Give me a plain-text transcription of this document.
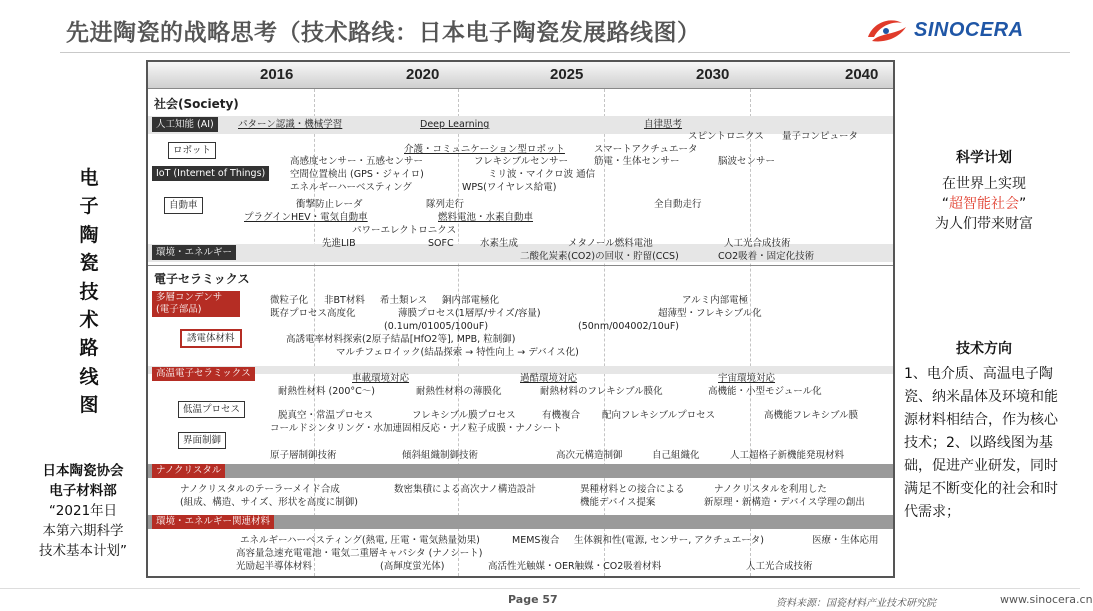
先进陶瓷的战略思考（技术路线：日本电子陶瓷发展路线图）	SINOCERA
电
子
陶
瓷
技
术
路
线
图
日本陶瓷协会
电子材料部
“2021年日
本第六期科学
技术基本计划”
科学计划
在世界上实现
“超智能社会”
为人们带来财富
技术方向
1、电介质、高温电子陶瓷、纳米晶体及环境和能源材料相结合，作为核心技术；2、以路线图为基础，促进产业研发，同时满足不断变化的社会和时代需求；
2016	2020	2025	2030	2040
社会(Society)
人工知能 (AI)	パターン認識・機械学習	Deep Learning	自律思考
スピントロニクス 量子コンピュータ
ロボット	介護・コミュニケーション型ロボット	スマートアクチュエータ
IoT (Internet of Things)
高感度センサー・五感センサー	フレキシブルセンサー	筋電・生体センサー	脳波センサー
空間位置検出 (GPS・ジャイロ)	ミリ波・マイクロ波 通信
エネルギーハーベスティング	WPS(ワイヤレス給電)
自動車	衝撃防止レーダ	隊列走行	全自動走行
プラグインHEV・電気自動車	燃料電池・水素自動車
パワーエレクトロニクス
環境・エネルギー
先進LIB	SOFC	水素生成	メタノール燃料電池	人工光合成技術
二酸化炭素(CO2)の回収・貯留(CCS)	CO2吸着・固定化技術
電子セラミックス
多層コンデンサ (電子部品)
微粒子化 非BT材料 希土類レス 銅内部電極化	アルミ内部電極
既存プロセス高度化	薄膜プロセス(1層厚/サイズ/容量)	超薄型・フレキシブル化
(0.1um/01005/100uF)	(50nm/004002/10uF)
誘電体材料	高誘電率材料探索(2原子結晶[HfO2等], MPB, 粒制御)
マルチフェロイック(結晶探索 → 特性向上 → デバイス化)
高温電子セラミックス	車載環境対応	過酷環境対応	宇宙環境対応
耐熱性材料 (200°C〜)	耐熱性材料の薄膜化	耐熱材料のフレキシブル膜化	高機能・小型モジュール化
低温プロセス
脱真空・常温プロセス	フレキシブル膜プロセス	有機複合 配向フレキシブルプロセス	高機能フレキシブル膜
コールドシンタリング・水加連固相反応・ナノ粒子成膜・ナノシート
界面制御
原子層制御技術	傾斜組織制御技術	高次元構造制御	自己組織化	人工超格子新機能発現材料
ナノクリスタル
ナノクリスタルのテーラーメイド合成
(組成、構造、サイズ、形状を高度に制御)
数密集積による高次ナノ構造設計	異種材料との接合による
機能デバイス提案
ナノクリスタルを利用した
新原理・新構造・デバイス学理の創出
環境・エネルギー関連材料
エネルギーハーベスティング(熱電, 圧電・電気熱量効果)	MEMS複合 生体親和性(電源, センサー, アクチュエータ)	医療・生体応用
高容量急速充電電池・電気二重層キャパシタ (ナノシート)
光励起半導体材料	(高輝度蛍光体)	高活性光触媒・OER触媒・CO2吸着材料	人工光合成技術
Page 57	资料来源：国瓷材料产业技术研究院	www.sinocera.cn
